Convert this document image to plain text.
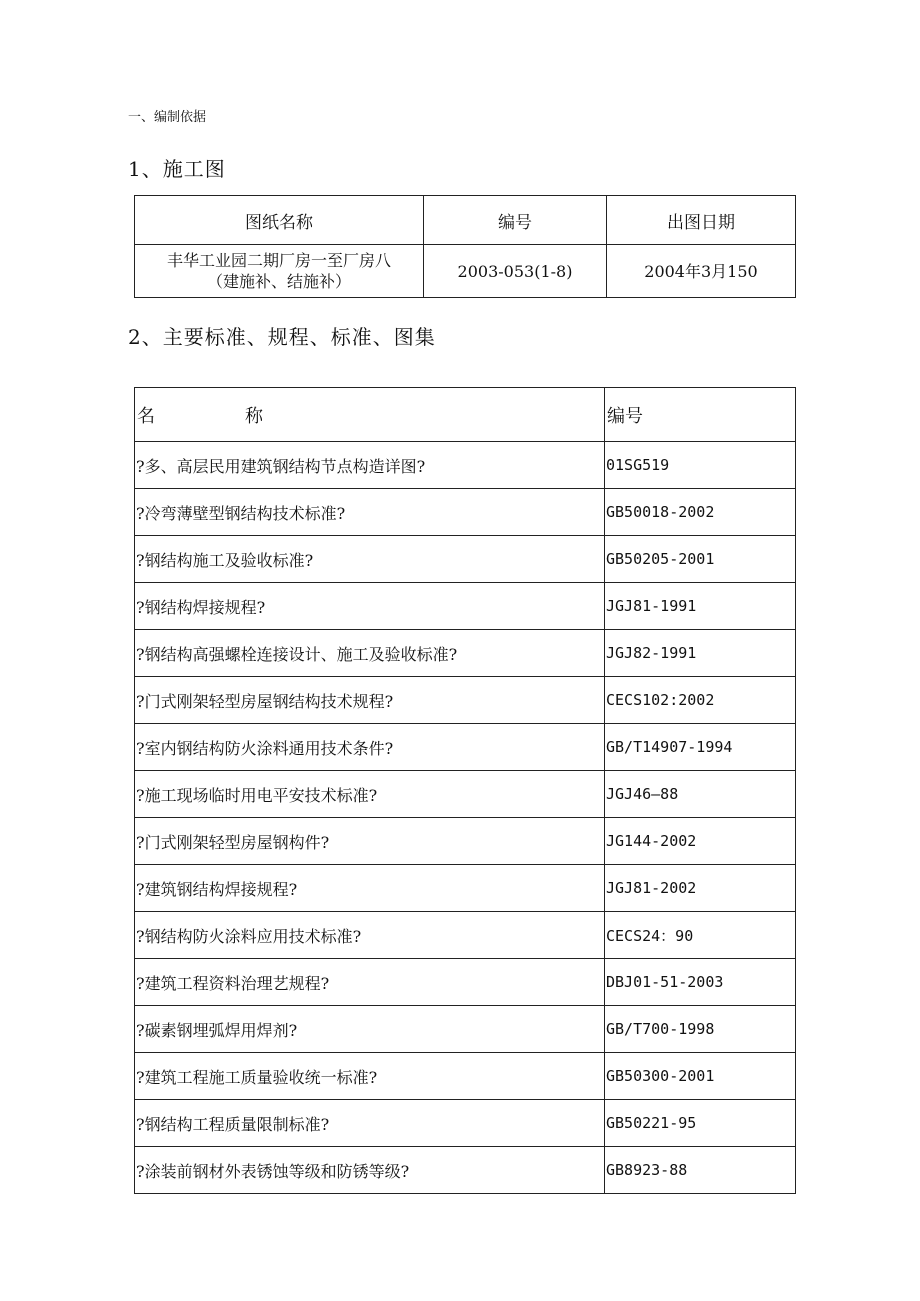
一、编制依据
1、施工图
图纸名称	编号	出图日期

丰华工业园二期厂房一至厂房八
（建施补、结施补）	2003-053(1-8)	2004年3月150
2、主要标准、规程、标准、图集
名 称	编号
?多、高层民用建筑钢结构节点构造详图?	01SG519
?冷弯薄壁型钢结构技术标准?	GB50018-2002
?钢结构施工及验收标准?	GB50205-2001
?钢结构焊接规程?	JGJ81-1991
?钢结构高强螺栓连接设计、施工及验收标准?	JGJ82-1991
?门式刚架轻型房屋钢结构技术规程?	CECS102:2002
?室内钢结构防火涂料通用技术条件?	GB/T14907-1994
?施工现场临时用电平安技术标准?	JGJ46—88
?门式刚架轻型房屋钢构件?	JG144-2002
?建筑钢结构焊接规程?	JGJ81-2002
?钢结构防火涂料应用技术标准?	CECS24：90
?建筑工程资料治理艺规程?	DBJ01-51-2003
?碳素钢埋弧焊用焊剂?	GB/T700-1998
?建筑工程施工质量验收统一标准?	GB50300-2001
?钢结构工程质量限制标准?	GB50221-95
?涂装前钢材外表锈蚀等级和防锈等级?	GB8923-88
